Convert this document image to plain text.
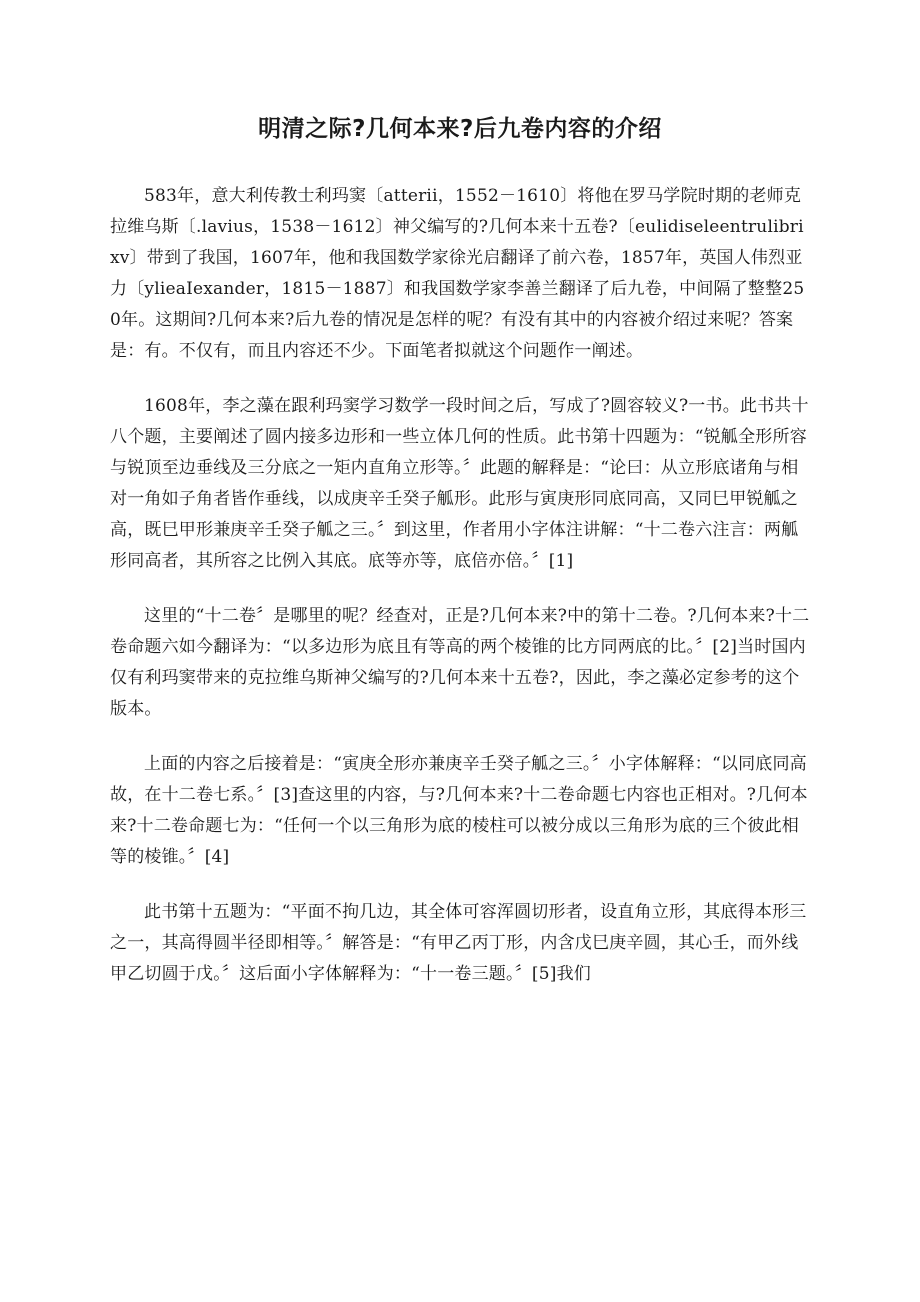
明清之际?几何本来?后九卷内容的介绍

583年，意大利传教士利玛窦〔atterii，1552－1610〕将他在罗马学院时期的老师克拉维乌斯〔.lavius，1538－1612〕神父编写的?几何本来十五卷?〔eulidiseleentrulibrixv〕带到了我国，1607年，他和我国数学家徐光启翻译了前六卷，1857年，英国人伟烈亚力〔ylieaIexander，1815－1887〕和我国数学家李善兰翻译了后九卷，中间隔了整整250年。这期间?几何本来?后九卷的情况是怎样的呢？有没有其中的内容被介绍过来呢？答案是：有。不仅有，而且内容还不少。下面笔者拟就这个问题作一阐述。

1608年，李之藻在跟利玛窦学习数学一段时间之后，写成了?圆容较义?一书。此书共十八个题，主要阐述了圆内接多边形和一些立体几何的性质。此书第十四题为：“锐觚全形所容与锐顶至边垂线及三分底之一矩内直角立形等。〞此题的解释是：“论曰：从立形底诸角与相对一角如子角者皆作垂线，以成庚辛壬癸子觚形。此形与寅庚形同底同高，又同巳甲锐觚之高，既巳甲形兼庚辛壬癸子觚之三。〞到这里，作者用小字体注讲解：“十二卷六注言：两觚形同高者，其所容之比例入其底。底等亦等，底倍亦倍。〞[1]

这里的“十二卷〞是哪里的呢？经查对，正是?几何本来?中的第十二卷。?几何本来?十二卷命题六如今翻译为：“以多边形为底且有等高的两个棱锥的比方同两底的比。〞[2]当时国内仅有利玛窦带来的克拉维乌斯神父编写的?几何本来十五卷?，因此，李之藻必定参考的这个版本。

上面的内容之后接着是：“寅庚全形亦兼庚辛壬癸子觚之三。〞小字体解释：“以同底同高故，在十二卷七系。〞[3]查这里的内容，与?几何本来?十二卷命题七内容也正相对。?几何本来?十二卷命题七为：“任何一个以三角形为底的棱柱可以被分成以三角形为底的三个彼此相等的棱锥。〞[4]

此书第十五题为：“平面不拘几边，其全体可容浑圆切形者，设直角立形，其底得本形三之一，其高得圆半径即相等。〞解答是：“有甲乙丙丁形，内含戊巳庚辛圆，其心壬，而外线甲乙切圆于戊。〞这后面小字体解释为：“十一卷三题。〞[5]我们
